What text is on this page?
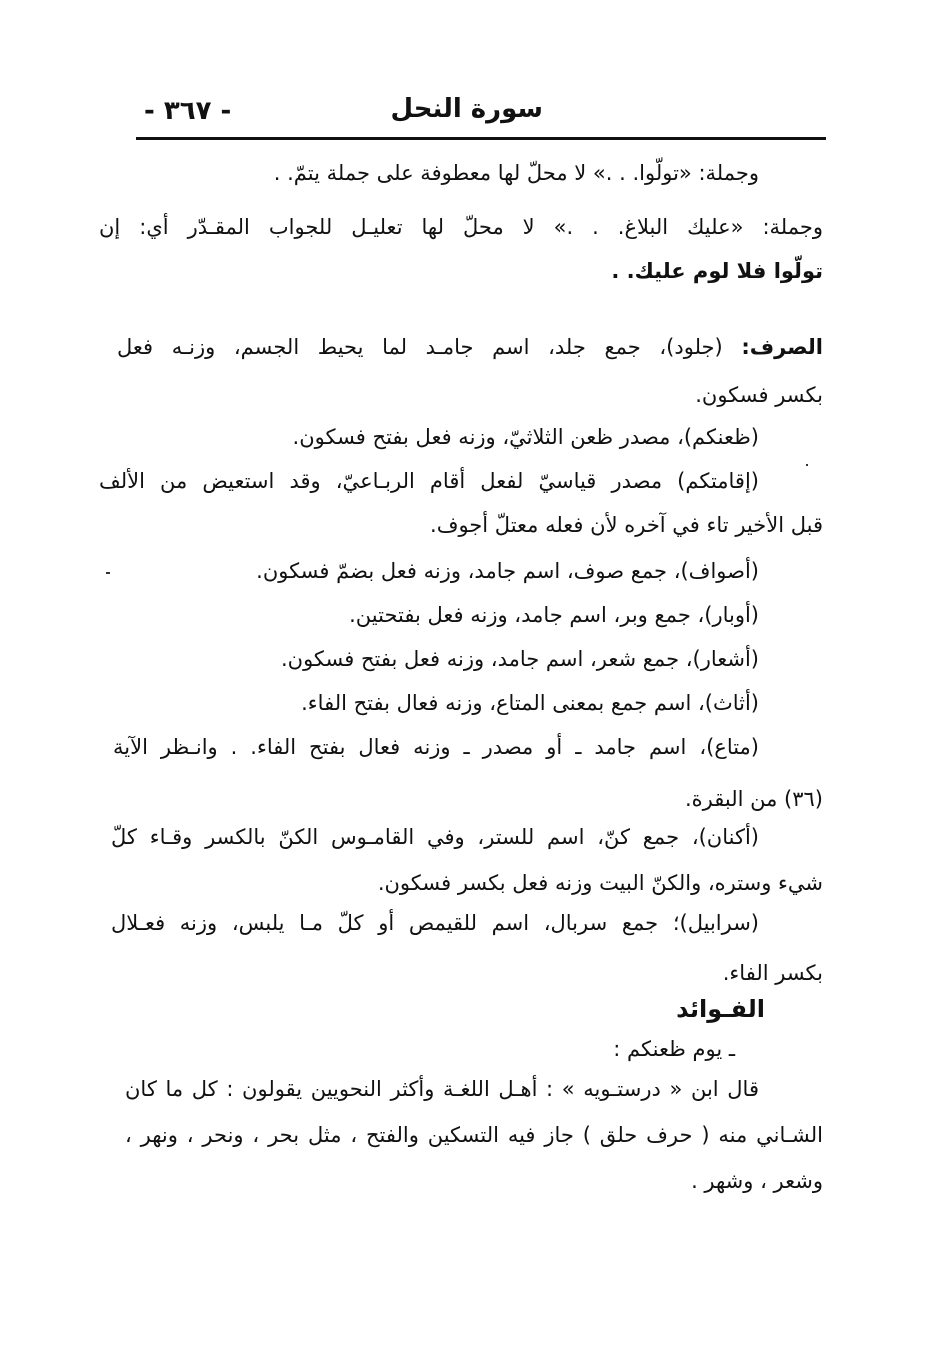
- ٣٦٧ -	سورة النحل
وجملة: «تولّوا. . .» لا محلّ لها معطوفة على جملة يتمّ. .
وجملة: «عليك البلاغ. . .» لا محلّ لها تعليـل للجواب المقـدّر أي: إن
تولّوا فلا لوم عليك. .
الصرف: (جلود)، جمع جلد، اسم جامـد لما يحيط الجسم، وزنـه فعل
بكسر فسكون.
(ظعنكم)، مصدر ظعن الثلاثيّ، وزنه فعل بفتح فسكون.
(إقامتكم) مصدر قياسيّ لفعل أقام الربـاعيّ، وقد استعيض من الألف
قبل الأخير تاء في آخره لأن فعله معتلّ أجوف.
(أصواف)، جمع صوف، اسم جامد، وزنه فعل بضمّ فسكون.
(أوبار)، جمع وبر، اسم جامد، وزنه فعل بفتحتين.
(أشعار)، جمع شعر، اسم جامد، وزنه فعل بفتح فسكون.
(أثاث)، اسم جمع بمعنى المتاع، وزنه فعال بفتح الفاء.
(متاع)، اسم جامد ـ أو مصدر ـ وزنه فعال بفتح الفاء. . وانـظر الآية
(٣٦) من البقرة.
(أكنان)، جمع كنّ، اسم للستر، وفي القامـوس الكنّ بالكسر وقـاء كلّ
شيء وستره، والكنّ البيت وزنه فعل بكسر فسكون.
(سرابيل)؛ جمع سربال، اسم للقيمص أو كلّ مـا يلبس، وزنه فعـلال
بكسر الفاء.
الفـوائد
ـ يوم ظعنكم :
قال ابن « درستـويه » : أهـل اللغـة وأكثر النحويين يقولون : كل ما كان
الشـاني منه ( حرف حلق ) جاز فيه التسكين والفتح ، مثل بحر ، ونحر ، ونهر ،
وشعر ، وشهر .
